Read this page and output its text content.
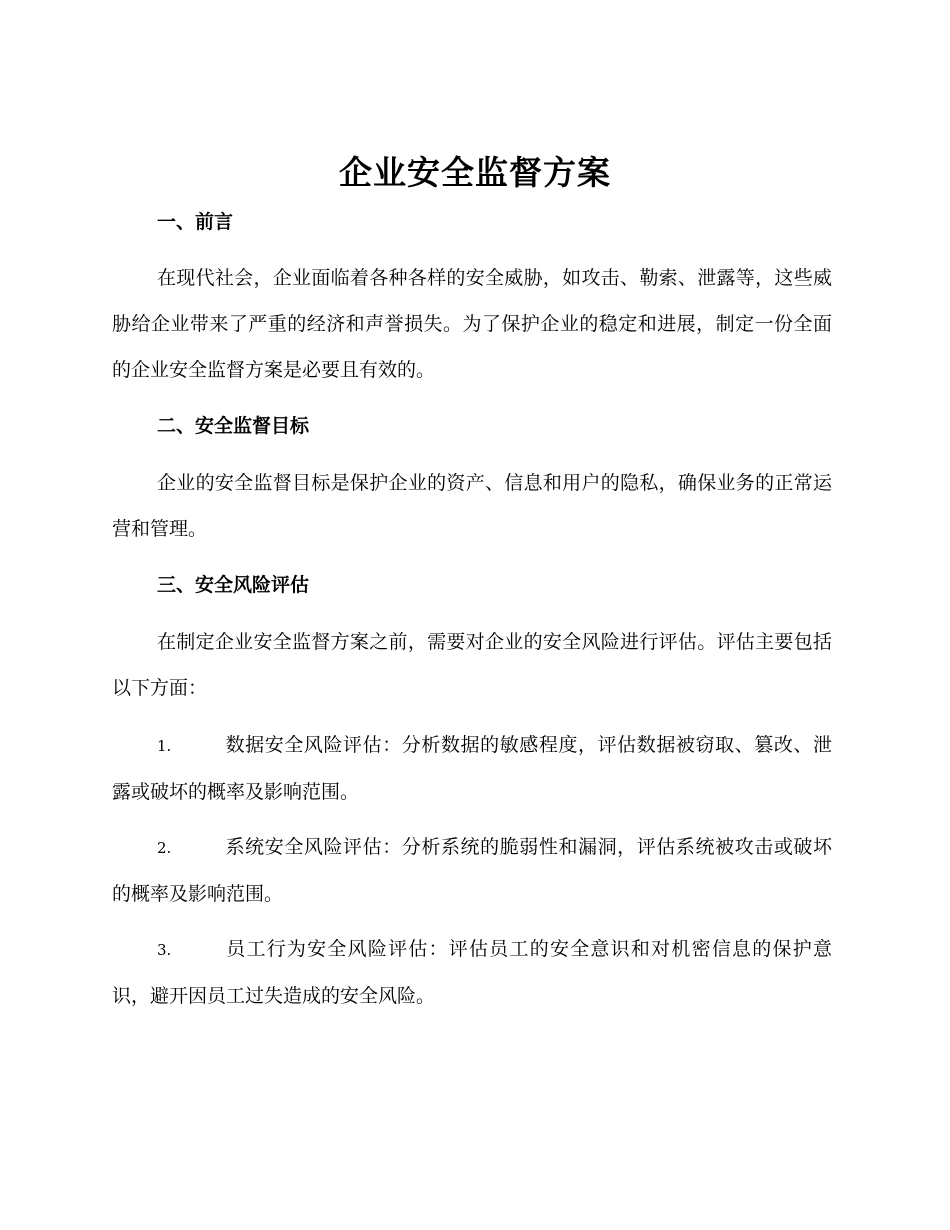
企业安全监督方案
一、前言

在现代社会，企业面临着各种各样的安全威胁，如攻击、勒索、泄露等，这些威胁给企业带来了严重的经济和声誉损失。为了保护企业的稳定和进展，制定一份全面的企业安全监督方案是必要且有效的。

二、安全监督目标

企业的安全监督目标是保护企业的资产、信息和用户的隐私，确保业务的正常运营和管理。

三、安全风险评估

在制定企业安全监督方案之前，需要对企业的安全风险进行评估。评估主要包括以下方面：

1.	数据安全风险评估：分析数据的敏感程度，评估数据被窃取、篡改、泄露或破坏的概率及影响范围。

2.	系统安全风险评估：分析系统的脆弱性和漏洞，评估系统被攻击或破坏的概率及影响范围。

3.	员工行为安全风险评估：评估员工的安全意识和对机密信息的保护意识，避开因员工过失造成的安全风险。
